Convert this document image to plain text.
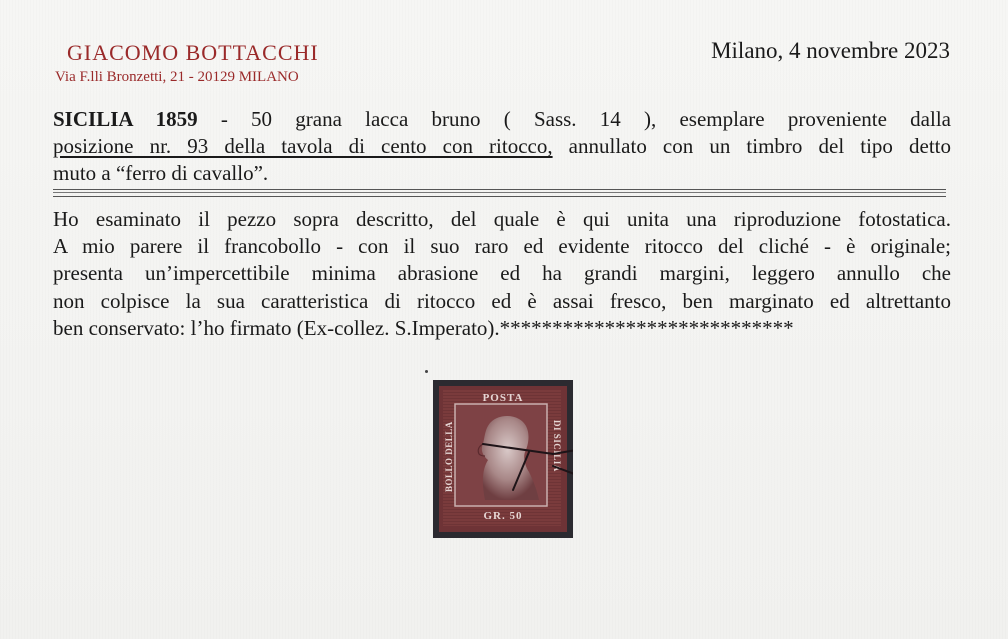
GIACOMO BOTTACCHI
Via F.lli Bronzetti, 21 - 20129 MILANO
Milano, 4 novembre 2023
SICILIA 1859 - 50 grana lacca bruno ( Sass. 14 ), esemplare proveniente dalla
posizione nr. 93 della tavola di cento con ritocco, annullato con un timbro del tipo detto
muto a “ferro di cavallo”.
Ho esaminato il pezzo sopra descritto, del quale è qui unita una riproduzione fotostatica.
A mio parere il francobollo - con il suo raro ed evidente ritocco del cliché - è originale;
presenta un’impercettibile minima abrasione ed ha grandi margini, leggero annullo che
non colpisce la sua caratteristica di ritocco ed è assai fresco, ben marginato ed altrettanto
ben conservato: l’ho firmato (Ex-collez. S.Imperato).****************************
POSTA
BOLLO DELLA	DI SICILIA
GR. 50
